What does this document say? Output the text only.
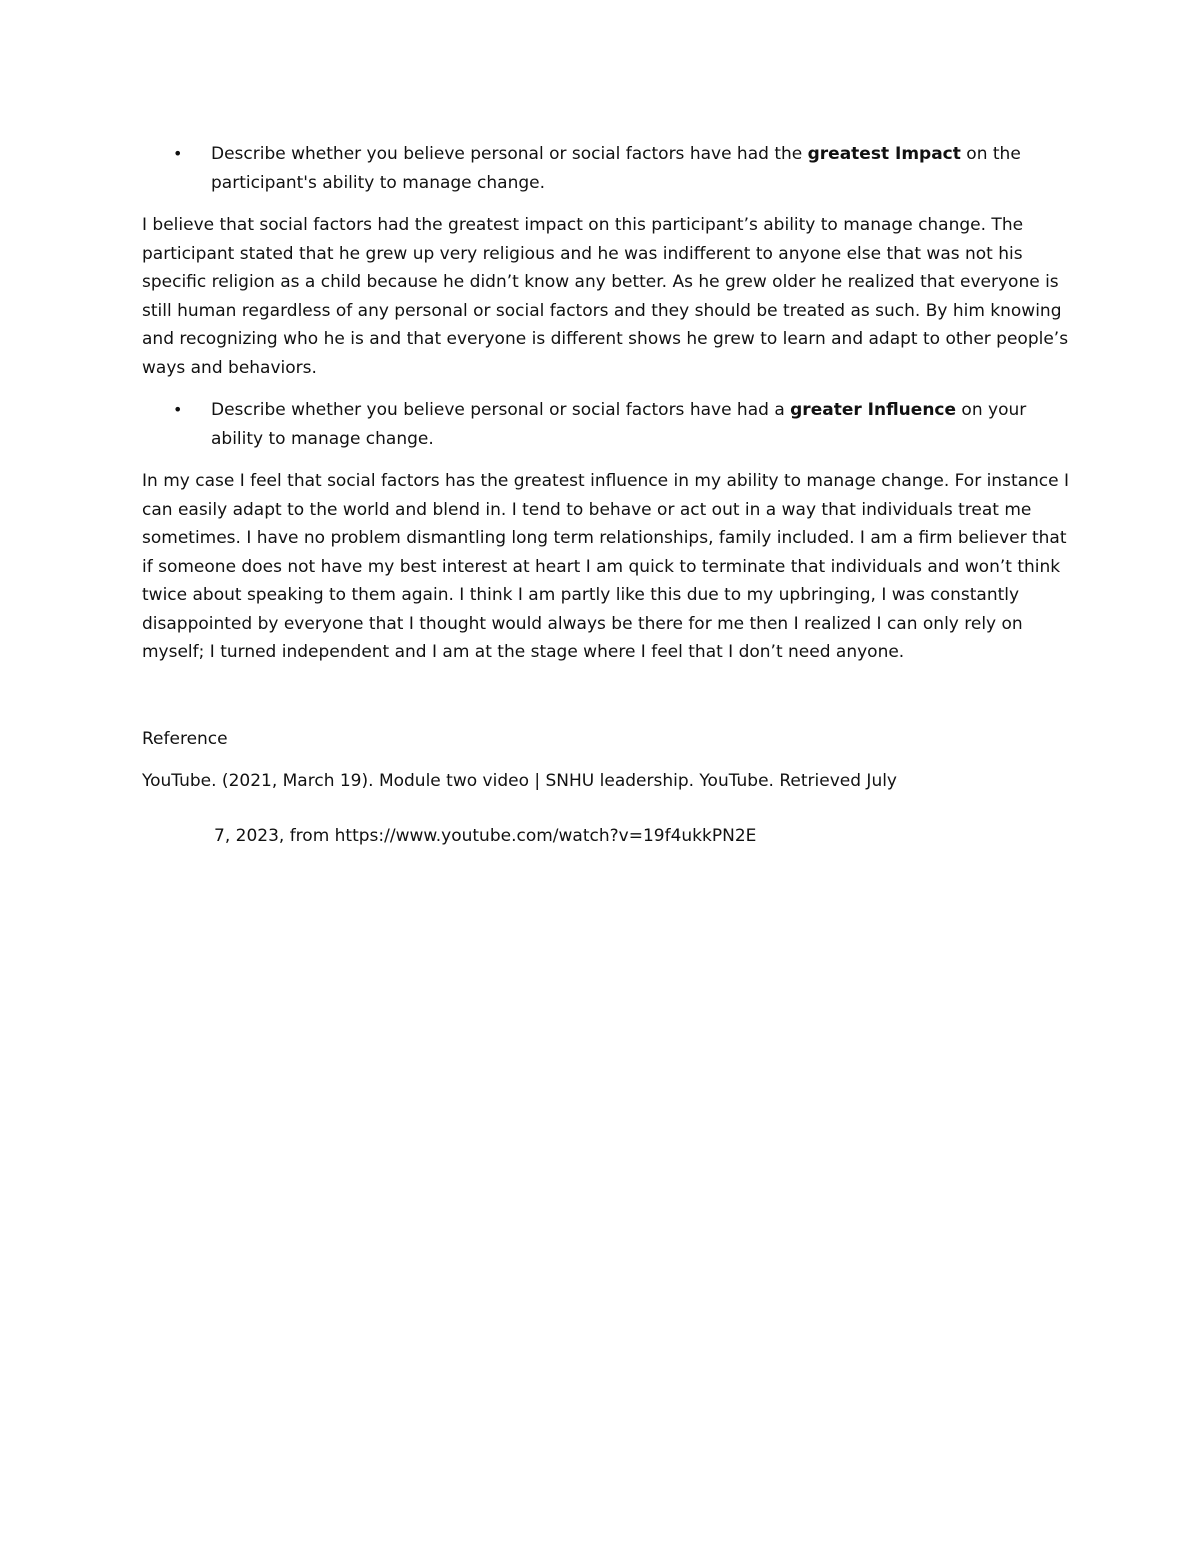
• Describe whether you believe personal or social factors have had the greatest Impact on the participant's ability to manage change.

I believe that social factors had the greatest impact on this participant’s ability to manage change. The participant stated that he grew up very religious and he was indifferent to anyone else that was not his specific religion as a child because he didn’t know any better. As he grew older he realized that everyone is still human regardless of any personal or social factors and they should be treated as such. By him knowing and recognizing who he is and that everyone is different shows he grew to learn and adapt to other people’s ways and behaviors.

• Describe whether you believe personal or social factors have had a greater Influence on your ability to manage change.

In my case I feel that social factors has the greatest influence in my ability to manage change. For instance I can easily adapt to the world and blend in. I tend to behave or act out in a way that individuals treat me sometimes. I have no problem dismantling long term relationships, family included. I am a firm believer that if someone does not have my best interest at heart I am quick to terminate that individuals and won’t think twice about speaking to them again. I think I am partly like this due to my upbringing, I was constantly disappointed by everyone that I thought would always be there for me then I realized I can only rely on myself; I turned independent and I am at the stage where I feel that I don’t need anyone.

Reference

YouTube. (2021, March 19). Module two video | SNHU leadership. YouTube. Retrieved July

7, 2023, from https://www.youtube.com/watch?v=19f4ukkPN2E
